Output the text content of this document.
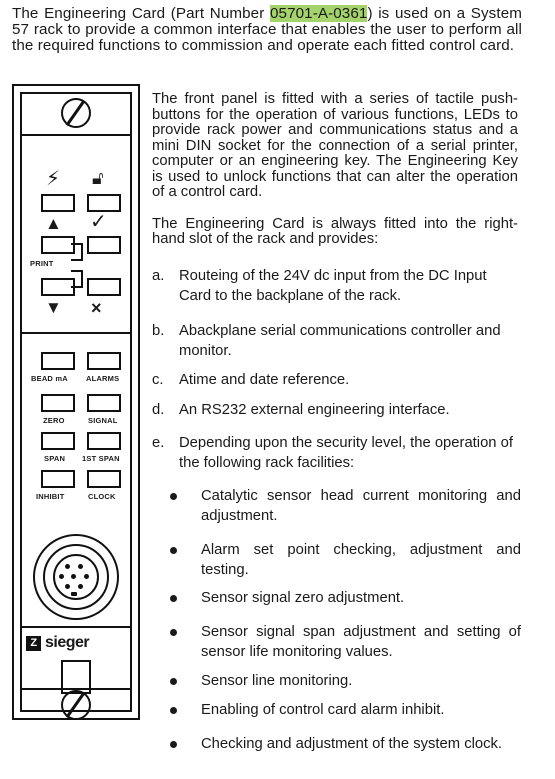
The Engineering Card (Part Number 05701-A-0361) is used on a System 57 rack to provide a common interface that enables the user to perform all the required functions to commission and operate each fitted control card.
⚡︎ 🔓︎
▲ ✓
PRINT
▼ ×
BEAD mA ALARMS
ZERO	SIGNAL
SPAN 1ST SPAN
INHIBIT	CLOCK
Z sieger

The front panel is fitted with a series of tactile push-buttons for the operation of various functions, LEDs to provide rack power and communications status and a mini DIN socket for the connection of a serial printer, computer or an engineering key. The Engineering Key is used to unlock functions that can alter the operation of a control card.

The Engineering Card is always fitted into the right-hand slot of the rack and provides:

a. Routeing of the 24V dc input from the DC Input Card to the backplane of the rack.
b. Abackplane serial communications controller and monitor.
c. Atime and date reference.
d. An RS232 external engineering interface.
e. Depending upon the security level, the operation of the following rack facilities:
Catalytic sensor head current monitoring and adjustment.
Alarm set point checking, adjustment and testing.
Sensor signal zero adjustment.
Sensor signal span adjustment and setting of sensor life monitoring values.
Sensor line monitoring.
Enabling of control card alarm inhibit.
Checking and adjustment of the system clock.
